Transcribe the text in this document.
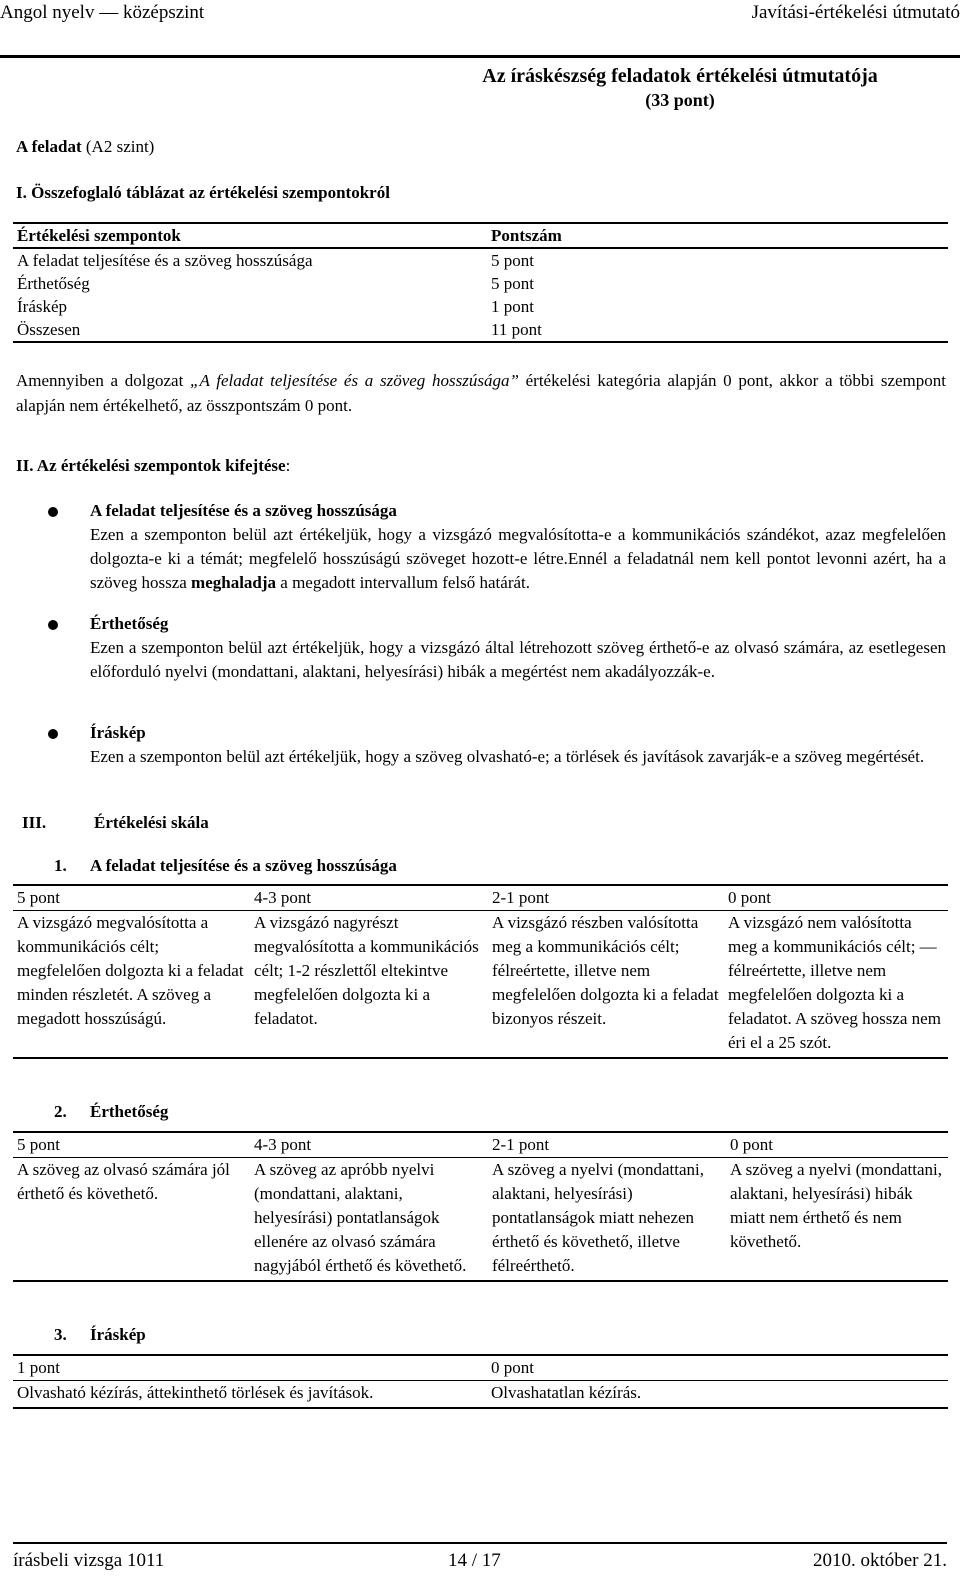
Angol nyelv — középszint	Javítási-értékelési útmutató
Az íráskészség feladatok értékelési útmutatója
(33 pont)
A feladat (A2 szint)
I. Összefoglaló táblázat az értékelési szempontokról
Értékelési szempontok	Pontszám
A feladat teljesítése és a szöveg hosszúsága	5 pont
Érthetőség	5 pont
Íráskép	1 pont
Összesen	11 pont
Amennyiben a dolgozat „A feladat teljesítése és a szöveg hosszúsága” értékelési kategória alapján 0 pont, akkor a többi szempont alapján nem értékelhető, az összpontszám 0 pont.
II. Az értékelési szempontok kifejtése:
A feladat teljesítése és a szöveg hosszúsága
Ezen a szemponton belül azt értékeljük, hogy a vizsgázó megvalósította-e a kommunikációs szándékot, azaz megfelelően dolgozta-e ki a témát; megfelelő hosszúságú szöveget hozott-e létre.Ennél a feladatnál nem kell pontot levonni azért, ha a szöveg hossza meghaladja a megadott intervallum felső határát.
Érthetőség
Ezen a szemponton belül azt értékeljük, hogy a vizsgázó által létrehozott szöveg érthető-e az olvasó számára, az esetlegesen előforduló nyelvi (mondattani, alaktani, helyesírási) hibák a megértést nem akadályozzák-e.
Íráskép
Ezen a szemponton belül azt értékeljük, hogy a szöveg olvasható-e; a törlések és javítások zavarják-e a szöveg megértését.
III.	Értékelési skála
1. A feladat teljesítése és a szöveg hosszúsága
5 pont	4-3 pont	2-1 pont	0 pont
A vizsgázó megvalósította a kommunikációs célt; megfelelően dolgozta ki a feladat minden részletét. A szöveg a megadott hosszúságú.	A vizsgázó nagyrészt megvalósította a kommunikációs célt; 1-2 részlettől eltekintve megfelelően dolgozta ki a feladatot.	A vizsgázó részben valósította meg a kommunikációs célt; félreértette, illetve nem megfelelően dolgozta ki a feladat bizonyos részeit.	A vizsgázó nem valósította meg a kommunikációs célt; — félreértette, illetve nem megfelelően dolgozta ki a feladatot. A szöveg hossza nem éri el a 25 szót.
2. Érthetőség
5 pont	4-3 pont	2-1 pont	0 pont
A szöveg az olvasó számára jól érthető és követhető.	A szöveg az apróbb nyelvi (mondattani, alaktani, helyesírási) pontatlanságok ellenére az olvasó számára nagyjából érthető és követhető.	A szöveg a nyelvi (mondattani, alaktani, helyesírási) pontatlanságok miatt nehezen érthető és követhető, illetve félreérthető.	A szöveg a nyelvi (mondattani, alaktani, helyesírási) hibák miatt nem érthető és nem követhető.
3. Íráskép
1 pont	0 pont
Olvasható kézírás, áttekinthető törlések és javítások.	Olvashatatlan kézírás.
írásbeli vizsga 1011	14 / 17	2010. október 21.
